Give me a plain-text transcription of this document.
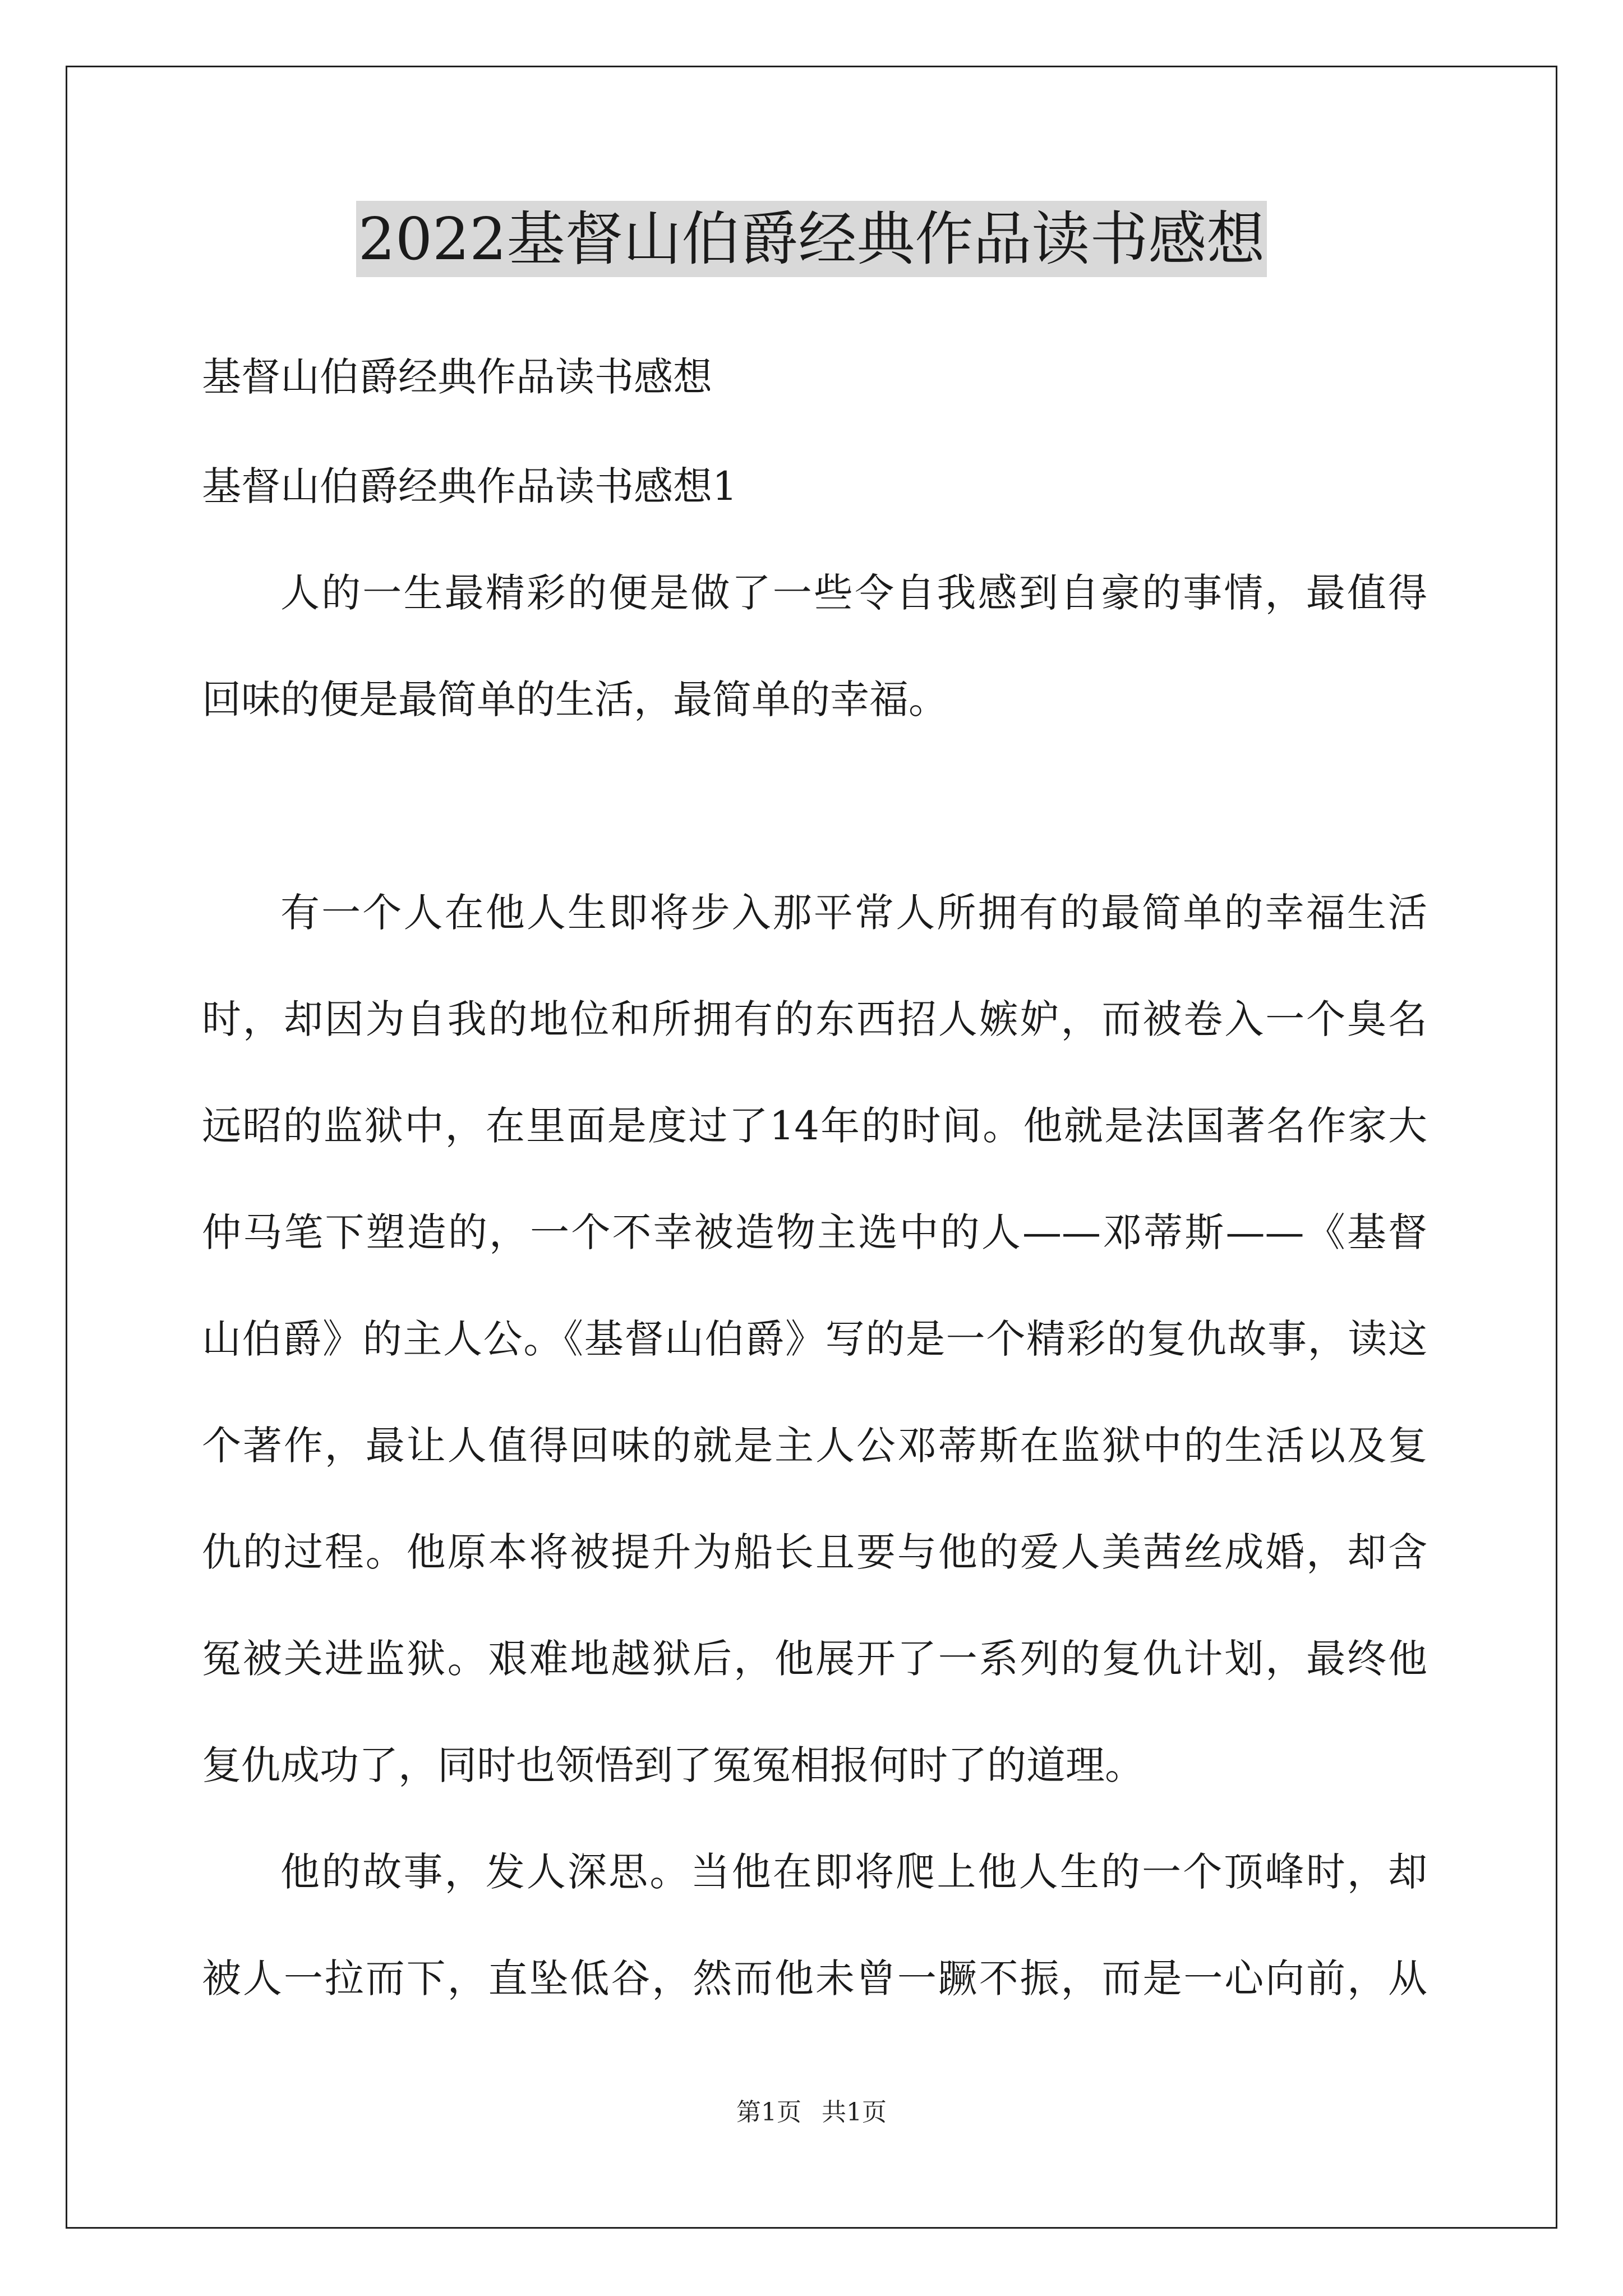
2022基督山伯爵经典作品读书感想
基督山伯爵经典作品读书感想
基督山伯爵经典作品读书感想1
人的一生最精彩的便是做了一些令自我感到自豪的事情，最值得
回味的便是最简单的生活，最简单的幸福。
有一个人在他人生即将步入那平常人所拥有的最简单的幸福生活
时，却因为自我的地位和所拥有的东西招人嫉妒，而被卷入一个臭名
远昭的监狱中，在里面是度过了14年的时间。他就是法国著名作家大
仲马笔下塑造的，一个不幸被造物主选中的人——邓蒂斯——《基督
山伯爵》的主人公。《基督山伯爵》写的是一个精彩的复仇故事，读这
个著作，最让人值得回味的就是主人公邓蒂斯在监狱中的生活以及复
仇的过程。他原本将被提升为船长且要与他的爱人美茜丝成婚，却含
冤被关进监狱。艰难地越狱后，他展开了一系列的复仇计划，最终他
复仇成功了，同时也领悟到了冤冤相报何时了的道理。
他的故事，发人深思。当他在即将爬上他人生的一个顶峰时，却
被人一拉而下，直坠低谷，然而他未曾一蹶不振，而是一心向前，从
第1页 共1页
